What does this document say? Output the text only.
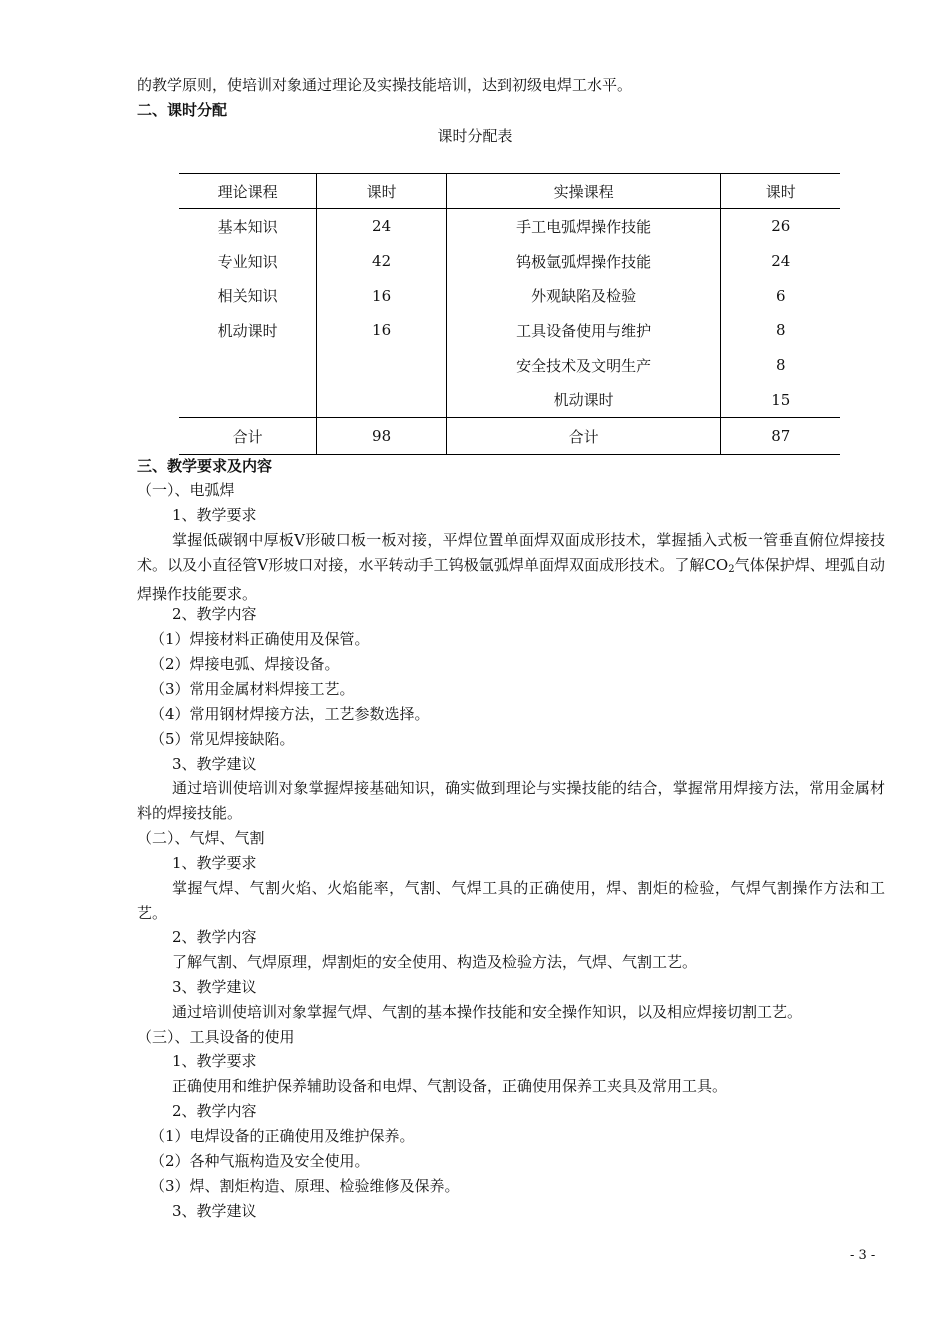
的教学原则，使培训对象通过理论及实操技能培训，达到初级电焊工水平。
二、课时分配
课时分配表
理论课程	课时	实操课程	课时
基本知识	24	手工电弧焊操作技能	26
专业知识	42	钨极氩弧焊操作技能	24
相关知识	16	外观缺陷及检验	6
机动课时	16	工具设备使用与维护	8
		安全技术及文明生产	8
		机动课时	15
合计	98	合计	87
三、教学要求及内容
（一）、电弧焊
1、教学要求
掌握低碳钢中厚板V形破口板一板对接，平焊位置单面焊双面成形技术，掌握插入式板一管垂直俯位焊接技术。以及小直径管V形坡口对接，水平转动手工钨极氩弧焊单面焊双面成形技术。了解$CO_2$气体保护焊、埋弧自动焊操作技能要求。
2、教学内容
（1）焊接材料正确使用及保管。
（2）焊接电弧、焊接设备。
（3）常用金属材料焊接工艺。
（4）常用钢材焊接方法，工艺参数选择。
（5）常见焊接缺陷。
3、教学建议
通过培训使培训对象掌握焊接基础知识，确实做到理论与实操技能的结合，掌握常用焊接方法，常用金属材料的焊接技能。
（二）、气焊、气割
1、教学要求
掌握气焊、气割火焰、火焰能率，气割、气焊工具的正确使用，焊、割炬的检验，气焊气割操作方法和工艺。
2、教学内容
了解气割、气焊原理，焊割炬的安全使用、构造及检验方法，气焊、气割工艺。
3、教学建议
通过培训使培训对象掌握气焊、气割的基本操作技能和安全操作知识，以及相应焊接切割工艺。
（三）、工具设备的使用
1、教学要求
正确使用和维护保养辅助设备和电焊、气割设备，正确使用保养工夹具及常用工具。
2、教学内容
（1）电焊设备的正确使用及维护保养。
（2）各种气瓶构造及安全使用。
（3）焊、割炬构造、原理、检验维修及保养。
3、教学建议
- 3 -
